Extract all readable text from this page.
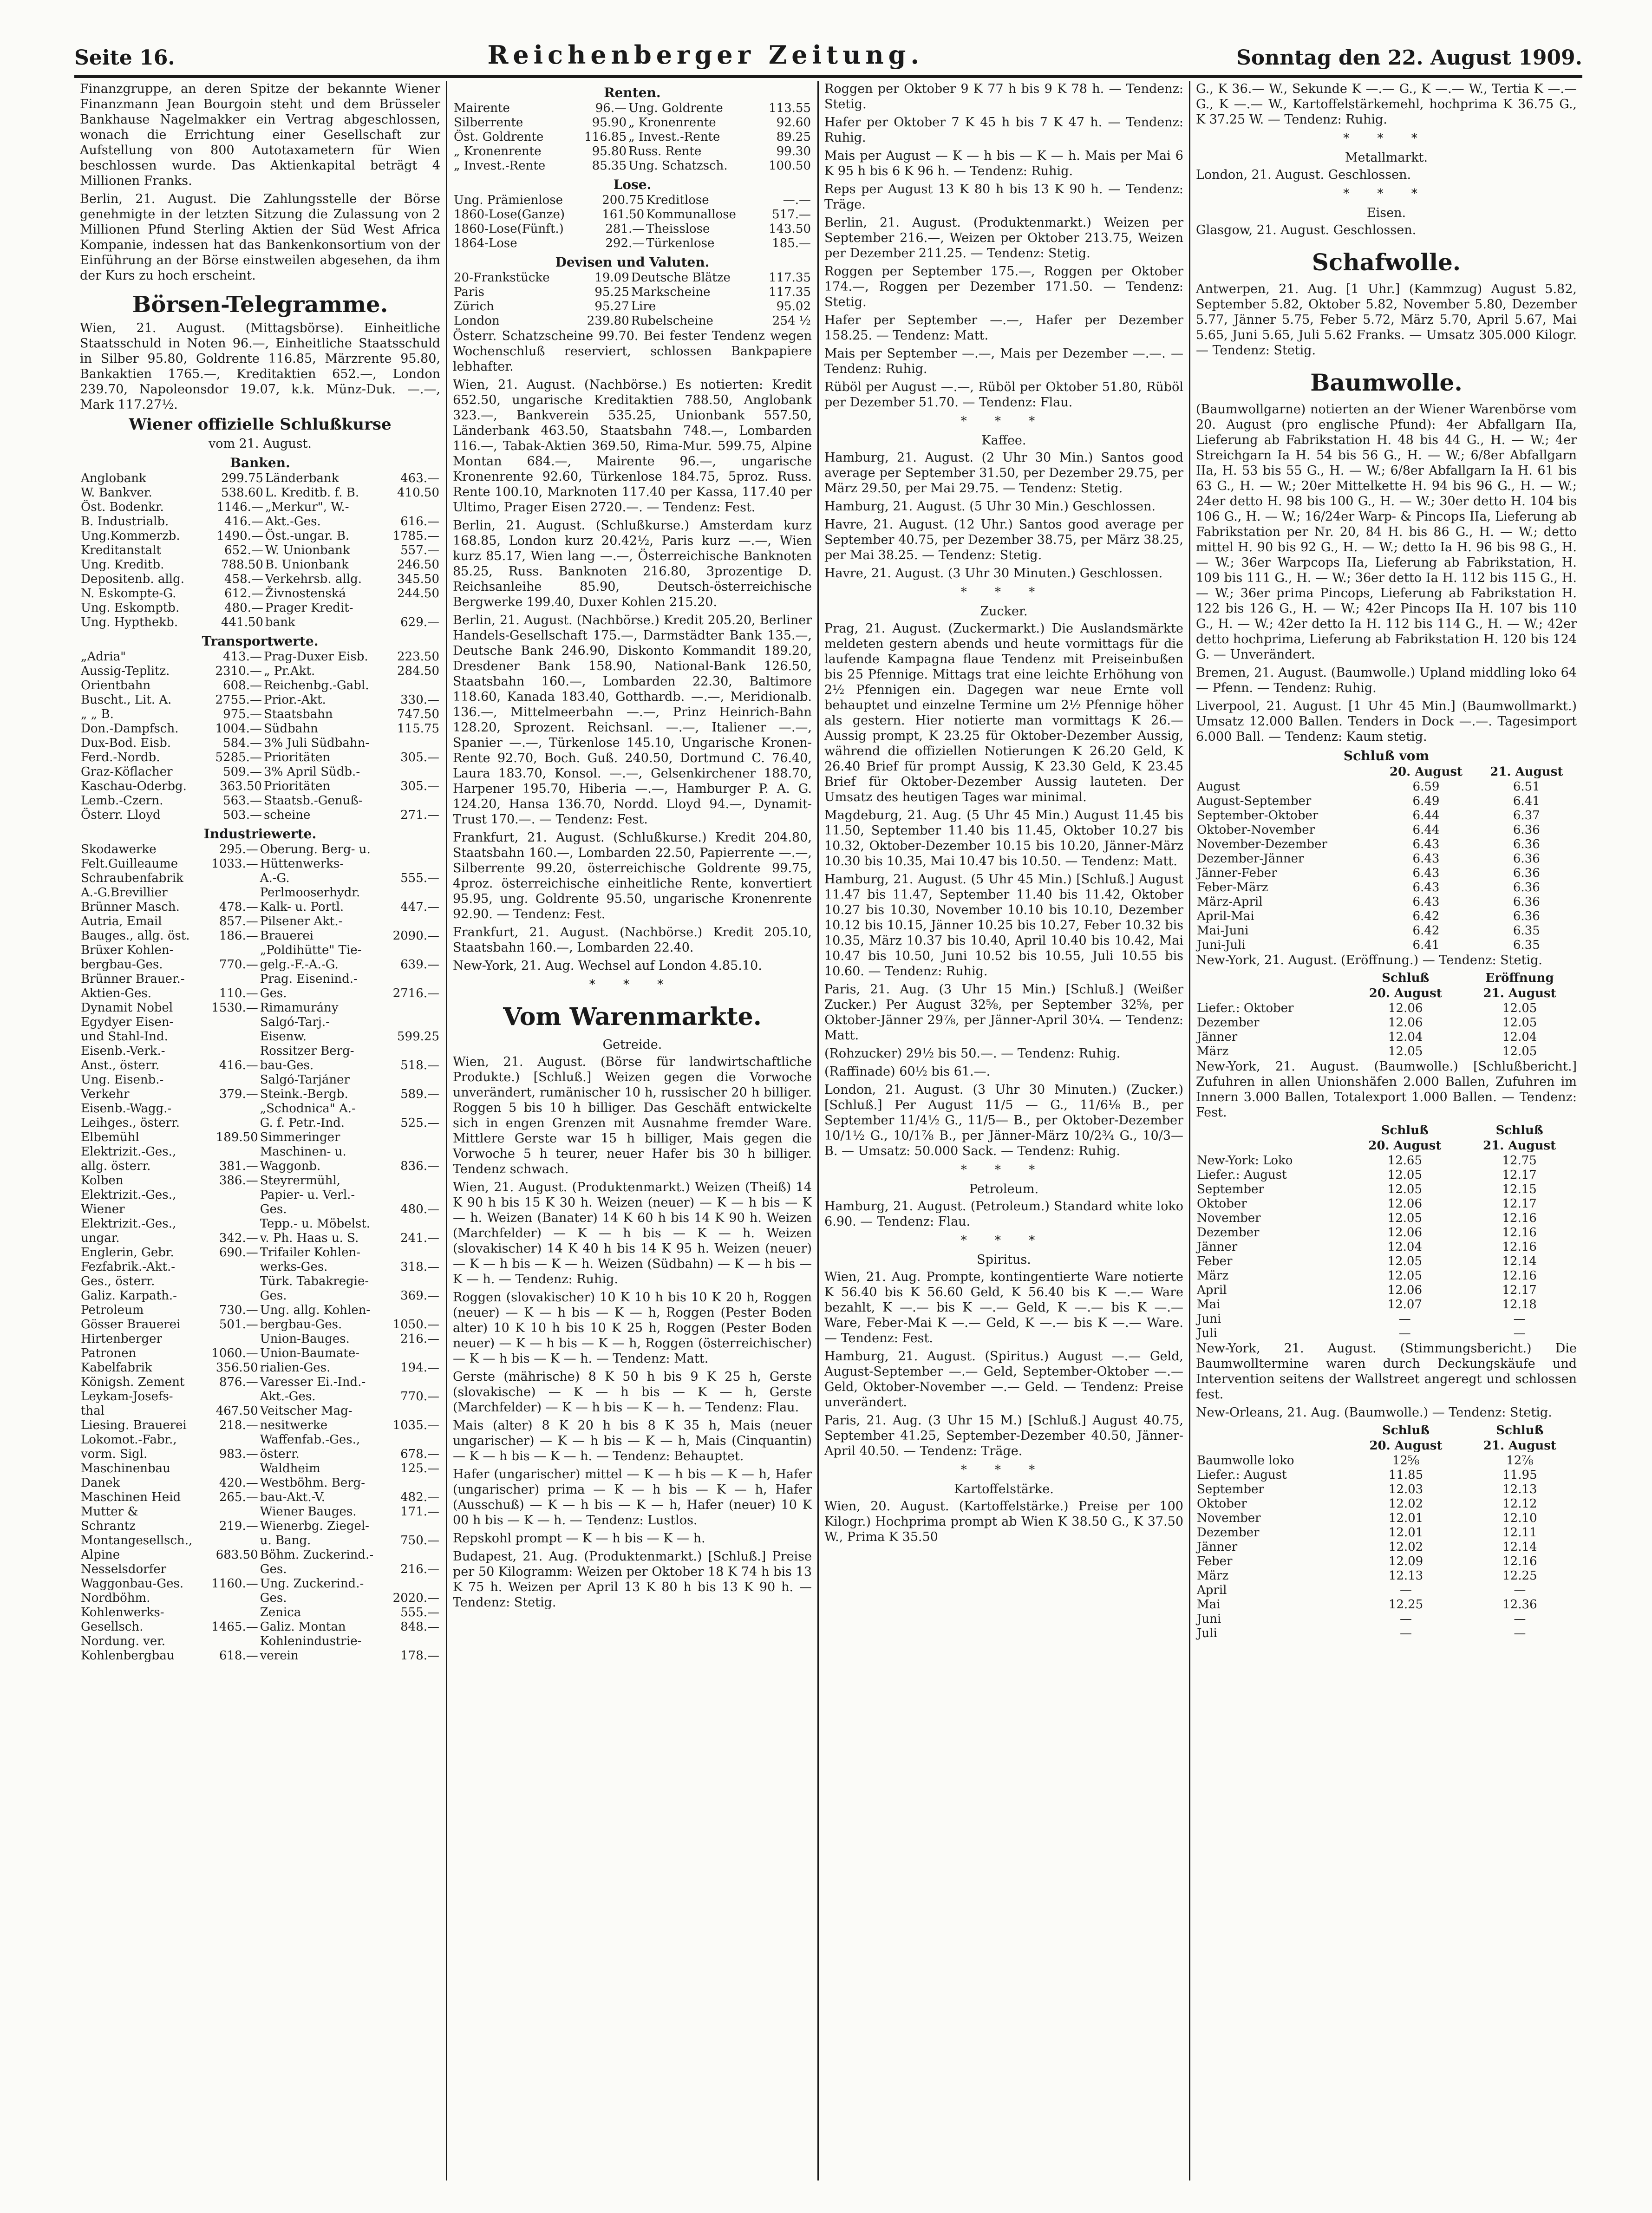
Seite 16.	Reichenberger Zeitung.	Sonntag den 22. August 1909.

Finanzgruppe, an deren Spitze der bekannte Wiener Finanzmann Jean Bourgoin steht und dem Brüsseler Bankhause Nagelmakker ein Vertrag abgeschlossen, wonach die Errichtung einer Gesellschaft zur Aufstellung von 800 Autotaxametern für Wien beschlossen wurde. Das Aktienkapital beträgt 4 Millionen Franks.

Berlin, 21. August. Die Zahlungsstelle der Börse genehmigte in der letzten Sitzung die Zulassung von 2 Millionen Pfund Sterling Aktien der Süd West Africa Kompanie, indessen hat das Bankenkonsortium von der Einführung an der Börse einstweilen abgesehen, da ihm der Kurs zu hoch erscheint.

Börsen-Telegramme.

Wien, 21. August. (Mittagsbörse). Einheitliche Staatsschuld in Noten 96.—, Einheitliche Staatsschuld in Silber 95.80, Goldrente 116.85, Märzrente 95.80, Bankaktien 1765.—, Kreditaktien 652.—, London 239.70, Napoleonsdor 19.07, k.k. Münz-Duk. —.—, Mark 117.27½.

Wiener offizielle Schlußkurse
vom 21. August.
Banken.
Anglobank	299.75	Länderbank	463.—
W. Bankver.	538.60	L. Kreditb. f. B.	410.50
Öst. Bodenkr.	1146.—	„Merkur", W.-	
B. Industrialb.	416.—	Akt.-Ges.	616.—
Ung.Kommerzb.	1490.—	Öst.-ungar. B.	1785.—
Kreditanstalt	652.—	W. Unionbank	557.—
Ung. Kreditb.	788.50	B. Unionbank	246.50
Depositenb. allg.	458.—	Verkehrsb. allg.	345.50
N. Eskompte-G.	612.—	Živnostenská	244.50
Ung. Eskomptb.	480.—	Prager Kredit-	
Ung. Hypthekb.	441.50	bank	629.—
Transportwerte.
„Adria"	413.—	Prag-Duxer Eisb.	223.50
Aussig-Teplitz.	2310.—	„ Pr.Akt.	284.50
Orientbahn	608.—	Reichenbg.-Gabl.	
Buscht., Lit. A.	2755.—	Prior.-Akt.	330.—
„ „ B.	975.—	Staatsbahn	747.50
Don.-Dampfsch.	1004.—	Südbahn	115.75
Dux-Bod. Eisb.	584.—	3% Juli Südbahn-	
Ferd.-Nordb.	5285.—	Prioritäten	305.—
Graz-Köflacher	509.—	3% April Südb.-	
Kaschau-Oderbg.	363.50	Prioritäten	305.—
Lemb.-Czern.	563.—	Staatsb.-Genuß-	
Österr. Lloyd	503.—	scheine	271.—
Industriewerte.
Skodawerke	295.—	Oberung. Berg- u.	
Felt.Guilleaume	1033.—	Hüttenwerks-	
Schraubenfabrik		A.-G.	555.—
A.-G.Brevillier		Perlmooserhydr.	
Brünner Masch.	478.—	Kalk- u. Portl.	447.—
Autria, Email	857.—	Pilsener Akt.-	
Bauges., allg. öst.	186.—	Brauerei	2090.—
Brüxer Kohlen-		„Poldihütte" Tie-	
bergbau-Ges.	770.—	gelg.-F.-A.-G.	639.—
Brünner Brauer.-		Prag. Eisenind.-	
Aktien-Ges.	110.—	Ges.	2716.—
Dynamit Nobel	1530.—	Rimamurány	
Egydyer Eisen-		Salgó-Tarj.-	
und Stahl-Ind.		Eisenw.	599.25
Eisenb.-Verk.-		Rossitzer Berg-	
Anst., österr.	416.—	bau-Ges.	518.—
Ung. Eisenb.-		Salgó-Tarjáner	
Verkehr	379.—	Steink.-Bergb.	589.—
Eisenb.-Wagg.-		„Schodnica" A.-	
Leihges., österr.		G. f. Petr.-Ind.	525.—
Elbemühl	189.50	Simmeringer	
Elektrizit.-Ges.,		Maschinen- u.	
allg. österr.	381.—	Waggonb.	836.—
Kolben	386.—	Steyrermühl,	
Elektrizit.-Ges.,		Papier- u. Verl.-	
Wiener		Ges.	480.—
Elektrizit.-Ges.,		Tepp.- u. Möbelst.	
ungar.	342.—	v. Ph. Haas u. S.	241.—
Englerin, Gebr.	690.—	Trifailer Kohlen-	
Fezfabrik.-Akt.-		werks-Ges.	318.—
Ges., österr.		Türk. Tabakregie-	
Galiz. Karpath.-		Ges.	369.—
Petroleum	730.—	Ung. allg. Kohlen-	
Gösser Brauerei	501.—	bergbau-Ges.	1050.—
Hirtenberger		Union-Bauges.	216.—
Patronen	1060.—	Union-Baumate-	
Kabelfabrik	356.50	rialien-Ges.	194.—
Königsh. Zement	876.—	Varesser Ei.-Ind.-	
Leykam-Josefs-		Akt.-Ges.	770.—
thal	467.50	Veitscher Mag-	
Liesing. Brauerei	218.—	nesitwerke	1035.—
Lokomot.-Fabr.,		Waffenfab.-Ges.,	
vorm. Sigl.	983.—	österr.	678.—
Maschinenbau		Waldheim	125.—
Danek	420.—	Westböhm. Berg-	
Maschinen Heid	265.—	bau-Akt.-V.	482.—
Mutter &		Wiener Bauges.	171.—
Schrantz	219.—	Wienerbg. Ziegel-	
Montangesellsch.,		u. Bang.	750.—
Alpine	683.50	Böhm. Zuckerind.-	
Nesselsdorfer		Ges.	216.—
Waggonbau-Ges.	1160.—	Ung. Zuckerind.-	
Nordböhm.		Ges.	2020.—
Kohlenwerks-		Zenica	555.—
Gesellsch.	1465.—	Galiz. Montan	848.—
Nordung. ver.		Kohlenindustrie-	
Kohlenbergbau	618.—	verein	178.—
Renten.
Mairente	96.—	Ung. Goldrente	113.55
Silberrente	95.90	„ Kronenrente	92.60
Öst. Goldrente	116.85	„ Invest.-Rente	89.25
„ Kronenrente	95.80	Russ. Rente	99.30
„ Invest.-Rente	85.35	Ung. Schatzsch.	100.50
Lose.
Ung. Prämienlose	200.75	Kreditlose	—.—
1860-Lose(Ganze)	161.50	Kommunallose	517.—
1860-Lose(Fünft.)	281.—	Theisslose	143.50
1864-Lose	292.—	Türkenlose	185.—
Devisen und Valuten.
20-Frankstücke	19.09	Deutsche Blätze	117.35
Paris	95.25	Markscheine	117.35
Zürich	95.27	Lire	95.02
London	239.80	Rubelscheine	254 ½

Österr. Schatzscheine 99.70. Bei fester Tendenz wegen Wochenschluß reserviert, schlossen Bankpapiere lebhafter.

Wien, 21. August. (Nachbörse.) Es notierten: Kredit 652.50, ungarische Kreditaktien 788.50, Anglobank 323.—, Bankverein 535.25, Unionbank 557.50, Länderbank 463.50, Staatsbahn 748.—, Lombarden 116.—, Tabak-Aktien 369.50, Rima-Mur. 599.75, Alpine Montan 684.—, Mairente 96.—, ungarische Kronenrente 92.60, Türkenlose 184.75, 5proz. Russ. Rente 100.10, Marknoten 117.40 per Kassa, 117.40 per Ultimo, Prager Eisen 2720.—. — Tendenz: Fest.

Berlin, 21. August. (Schlußkurse.) Amsterdam kurz 168.85, London kurz 20.42½, Paris kurz —.—, Wien kurz 85.17, Wien lang —.—, Österreichische Banknoten 85.25, Russ. Banknoten 216.80, 3prozentige D. Reichsanleihe 85.90, Deutsch-österreichische Bergwerke 199.40, Duxer Kohlen 215.20.

Berlin, 21. August. (Nachbörse.) Kredit 205.20, Berliner Handels-Gesellschaft 175.—, Darmstädter Bank 135.—, Deutsche Bank 246.90, Diskonto Kommandit 189.20, Dresdener Bank 158.90, National-Bank 126.50, Staatsbahn 160.—, Lombarden 22.30, Baltimore 118.60, Kanada 183.40, Gotthardb. —.—, Meridionalb. 136.—, Mittelmeerbahn —.—, Prinz Heinrich-Bahn 128.20, Sprozent. Reichsanl. —.—, Italiener —.—, Spanier —.—, Türkenlose 145.10, Ungarische Kronen-Rente 92.70, Boch. Guß. 240.50, Dortmund C. 76.40, Laura 183.70, Konsol. —.—, Gelsenkirchener 188.70, Harpener 195.70, Hiberia —.—, Hamburger P. A. G. 124.20, Hansa 136.70, Nordd. Lloyd 94.—, Dynamit-Trust 170.—. — Tendenz: Fest.

Frankfurt, 21. August. (Schlußkurse.) Kredit 204.80, Staatsbahn 160.—, Lombarden 22.50, Papierrente —.—, Silberrente 99.20, österreichische Goldrente 99.75, 4proz. österreichische einheitliche Rente, konvertiert 95.95, ung. Goldrente 95.50, ungarische Kronenrente 92.90. — Tendenz: Fest.

Frankfurt, 21. August. (Nachbörse.) Kredit 205.10, Staatsbahn 160.—, Lombarden 22.40.

New-York, 21. Aug. Wechsel auf London 4.85.10.

* * *
Vom Warenmarkte.
Getreide.

Wien, 21. August. (Börse für landwirtschaftliche Produkte.) [Schluß.] Weizen gegen die Vorwoche unverändert, rumänischer 10 h, russischer 20 h billiger. Roggen 5 bis 10 h billiger. Das Geschäft entwickelte sich in engen Grenzen mit Ausnahme fremder Ware. Mittlere Gerste war 15 h billiger, Mais gegen die Vorwoche 5 h teurer, neuer Hafer bis 30 h billiger. Tendenz schwach.

Wien, 21. August. (Produktenmarkt.) Weizen (Theiß) 14 K 90 h bis 15 K 30 h. Weizen (neuer) — K — h bis — K — h. Weizen (Banater) 14 K 60 h bis 14 K 90 h. Weizen (Marchfelder) — K — h bis — K — h. Weizen (slovakischer) 14 K 40 h bis 14 K 95 h. Weizen (neuer) — K — h bis — K — h. Weizen (Südbahn) — K — h bis — K — h. — Tendenz: Ruhig.

Roggen (slovakischer) 10 K 10 h bis 10 K 20 h, Roggen (neuer) — K — h bis — K — h, Roggen (Pester Boden alter) 10 K 10 h bis 10 K 25 h, Roggen (Pester Boden neuer) — K — h bis — K — h, Roggen (österreichischer) — K — h bis — K — h. — Tendenz: Matt.

Gerste (mährische) 8 K 50 h bis 9 K 25 h, Gerste (slovakische) — K — h bis — K — h, Gerste (Marchfelder) — K — h bis — K — h. — Tendenz: Flau.

Mais (alter) 8 K 20 h bis 8 K 35 h, Mais (neuer ungarischer) — K — h bis — K — h, Mais (Cinquantin) — K — h bis — K — h. — Tendenz: Behauptet.

Hafer (ungarischer) mittel — K — h bis — K — h, Hafer (ungarischer) prima — K — h bis — K — h, Hafer (Ausschuß) — K — h bis — K — h, Hafer (neuer) 10 K 00 h bis — K — h. — Tendenz: Lustlos.

Repskohl prompt — K — h bis — K — h.

Budapest, 21. Aug. (Produktenmarkt.) [Schluß.] Preise per 50 Kilogramm: Weizen per Oktober 18 K 74 h bis 13 K 75 h. Weizen per April 13 K 80 h bis 13 K 90 h. — Tendenz: Stetig.

Roggen per Oktober 9 K 77 h bis 9 K 78 h. — Tendenz: Stetig.

Hafer per Oktober 7 K 45 h bis 7 K 47 h. — Tendenz: Ruhig.

Mais per August — K — h bis — K — h. Mais per Mai 6 K 95 h bis 6 K 96 h. — Tendenz: Ruhig.

Reps per August 13 K 80 h bis 13 K 90 h. — Tendenz: Träge.

Berlin, 21. August. (Produktenmarkt.) Weizen per September 216.—, Weizen per Oktober 213.75, Weizen per Dezember 211.25. — Tendenz: Stetig.

Roggen per September 175.—, Roggen per Oktober 174.—, Roggen per Dezember 171.50. — Tendenz: Stetig.

Hafer per September —.—, Hafer per Dezember 158.25. — Tendenz: Matt.

Mais per September —.—, Mais per Dezember —.—. — Tendenz: Ruhig.

Rüböl per August —.—, Rüböl per Oktober 51.80, Rüböl per Dezember 51.70. — Tendenz: Flau.

* * *
Kaffee.

Hamburg, 21. August. (2 Uhr 30 Min.) Santos good average per September 31.50, per Dezember 29.75, per März 29.50, per Mai 29.75. — Tendenz: Stetig.

Hamburg, 21. August. (5 Uhr 30 Min.) Geschlossen.

Havre, 21. August. (12 Uhr.) Santos good average per September 40.75, per Dezember 38.75, per März 38.25, per Mai 38.25. — Tendenz: Stetig.

Havre, 21. August. (3 Uhr 30 Minuten.) Geschlossen.

* * *
Zucker.

Prag, 21. August. (Zuckermarkt.) Die Auslandsmärkte meldeten gestern abends und heute vormittags für die laufende Kampagna flaue Tendenz mit Preiseinbußen bis 25 Pfennige. Mittags trat eine leichte Erhöhung von 2½ Pfennigen ein. Dagegen war neue Ernte voll behauptet und einzelne Termine um 2½ Pfennige höher als gestern. Hier notierte man vormittags K 26.— Aussig prompt, K 23.25 für Oktober-Dezember Aussig, während die offiziellen Notierungen K 26.20 Geld, K 26.40 Brief für prompt Aussig, K 23.30 Geld, K 23.45 Brief für Oktober-Dezember Aussig lauteten. Der Umsatz des heutigen Tages war minimal.

Magdeburg, 21. Aug. (5 Uhr 45 Min.) August 11.45 bis 11.50, September 11.40 bis 11.45, Oktober 10.27 bis 10.32, Oktober-Dezember 10.15 bis 10.20, Jänner-März 10.30 bis 10.35, Mai 10.47 bis 10.50. — Tendenz: Matt.

Hamburg, 21. August. (5 Uhr 45 Min.) [Schluß.] August 11.47 bis 11.47, September 11.40 bis 11.42, Oktober 10.27 bis 10.30, November 10.10 bis 10.10, Dezember 10.12 bis 10.15, Jänner 10.25 bis 10.27, Feber 10.32 bis 10.35, März 10.37 bis 10.40, April 10.40 bis 10.42, Mai 10.47 bis 10.50, Juni 10.52 bis 10.55, Juli 10.55 bis 10.60. — Tendenz: Ruhig.

Paris, 21. Aug. (3 Uhr 15 Min.) [Schluß.] (Weißer Zucker.) Per August 32⅝, per September 32⅝, per Oktober-Jänner 29⅞, per Jänner-April 30¼. — Tendenz: Matt.

(Rohzucker) 29½ bis 50.—. — Tendenz: Ruhig.

(Raffinade) 60½ bis 61.—.

London, 21. August. (3 Uhr 30 Minuten.) (Zucker.) [Schluß.] Per August 11/5 — G., 11/6⅛ B., per September 11/4½ G., 11/5— B., per Oktober-Dezember 10/1½ G., 10/1⅞ B., per Jänner-März 10/2¾ G., 10/3— B. — Umsatz: 50.000 Sack. — Tendenz: Ruhig.

* * *
Petroleum.

Hamburg, 21. August. (Petroleum.) Standard white loko 6.90. — Tendenz: Flau.

* * *
Spiritus.

Wien, 21. Aug. Prompte, kontingentierte Ware notierte K 56.40 bis K 56.60 Geld, K 56.40 bis K —.— Ware bezahlt, K —.— bis K —.— Geld, K —.— bis K —.— Ware, Feber-Mai K —.— Geld, K —.— bis K —.— Ware. — Tendenz: Fest.

Hamburg, 21. August. (Spiritus.) August —.— Geld, August-September —.— Geld, September-Oktober —.— Geld, Oktober-November —.— Geld. — Tendenz: Preise unverändert.

Paris, 21. Aug. (3 Uhr 15 M.) [Schluß.] August 40.75, September 41.25, September-Dezember 40.50, Jänner-April 40.50. — Tendenz: Träge.

* * *
Kartoffelstärke.

Wien, 20. August. (Kartoffelstärke.) Preise per 100 Kilogr.) Hochprima prompt ab Wien K 38.50 G., K 37.50 W., Prima K 35.50

G., K 36.— W., Sekunde K —.— G., K —.— W., Tertia K —.— G., K —.— W., Kartoffelstärkemehl, hochprima K 36.75 G., K 37.25 W. — Tendenz: Ruhig.

* * *
Metallmarkt.

London, 21. August. Geschlossen.

* * *
Eisen.

Glasgow, 21. August. Geschlossen.

Schafwolle.

Antwerpen, 21. Aug. [1 Uhr.] (Kammzug) August 5.82, September 5.82, Oktober 5.82, November 5.80, Dezember 5.77, Jänner 5.75, Feber 5.72, März 5.70, April 5.67, Mai 5.65, Juni 5.65, Juli 5.62 Franks. — Umsatz 305.000 Kilogr. — Tendenz: Stetig.

Baumwolle.

(Baumwollgarne) notierten an der Wiener Warenbörse vom 20. August (pro englische Pfund): 4er Abfallgarn IIa, Lieferung ab Fabrikstation H. 48 bis 44 G., H. — W.; 4er Streichgarn Ia H. 54 bis 56 G., H. — W.; 6/8er Abfallgarn IIa, H. 53 bis 55 G., H. — W.; 6/8er Abfallgarn Ia H. 61 bis 63 G., H. — W.; 20er Mittelkette H. 94 bis 96 G., H. — W.; 24er detto H. 98 bis 100 G., H. — W.; 30er detto H. 104 bis 106 G., H. — W.; 16/24er Warp- & Pincops IIa, Lieferung ab Fabrikstation per Nr. 20, 84 H. bis 86 G., H. — W.; detto mittel H. 90 bis 92 G., H. — W.; detto Ia H. 96 bis 98 G., H. — W.; 36er Warpcops IIa, Lieferung ab Fabrikstation, H. 109 bis 111 G., H. — W.; 36er detto Ia H. 112 bis 115 G., H. — W.; 36er prima Pincops, Lieferung ab Fabrikstation H. 122 bis 126 G., H. — W.; 42er Pincops IIa H. 107 bis 110 G., H. — W.; 42er detto Ia H. 112 bis 114 G., H. — W.; 42er detto hochprima, Lieferung ab Fabrikstation H. 120 bis 124 G. — Unverändert.

Bremen, 21. August. (Baumwolle.) Upland middling loko 64— Pfenn. — Tendenz: Ruhig.

Liverpool, 21. August. [1 Uhr 45 Min.] (Baumwollmarkt.) Umsatz 12.000 Ballen. Tenders in Dock —.—. Tagesimport 6.000 Ball. — Tendenz: Kaum stetig.

Schluß vom
	20. August	21. August
August	6.59	6.51
August-September	6.49	6.41
September-Oktober	6.44	6.37
Oktober-November	6.44	6.36
November-Dezember	6.43	6.36
Dezember-Jänner	6.43	6.36
Jänner-Feber	6.43	6.36
Feber-März	6.43	6.36
März-April	6.43	6.36
April-Mai	6.42	6.36
Mai-Juni	6.42	6.35
Juni-Juli	6.41	6.35

New-York, 21. August. (Eröffnung.) — Tendenz: Stetig.

	Schluß	Eröffnung
	20. August	21. August
Liefer.: Oktober	12.06	12.05
Dezember	12.06	12.05
Jänner	12.04	12.04
März	12.05	12.05

New-York, 21. August. (Baumwolle.) [Schlußbericht.] Zufuhren in allen Unionshäfen 2.000 Ballen, Zufuhren im Innern 3.000 Ballen, Totalexport 1.000 Ballen. — Tendenz: Fest.

	Schluß	Schluß
	20. August	21. August
New-York: Loko	12.65	12.75
Liefer.: August	12.05	12.17
September	12.05	12.15
Oktober	12.06	12.17
November	12.05	12.16
Dezember	12.06	12.16
Jänner	12.04	12.16
Feber	12.05	12.14
März	12.05	12.16
April	12.06	12.17
Mai	12.07	12.18
Juni	—	—
Juli	—	—

New-York, 21. August. (Stimmungsbericht.) Die Baumwolltermine waren durch Deckungskäufe und Intervention seitens der Wallstreet angeregt und schlossen fest.

New-Orleans, 21. Aug. (Baumwolle.) — Tendenz: Stetig.

	Schluß	Schluß
	20. August	21. August
Baumwolle loko	12⅝	12⅞
Liefer.: August	11.85	11.95
September	12.03	12.13
Oktober	12.02	12.12
November	12.01	12.10
Dezember	12.01	12.11
Jänner	12.02	12.14
Feber	12.09	12.16
März	12.13	12.25
April	—	—
Mai	12.25	12.36
Juni	—	—
Juli	—	—
